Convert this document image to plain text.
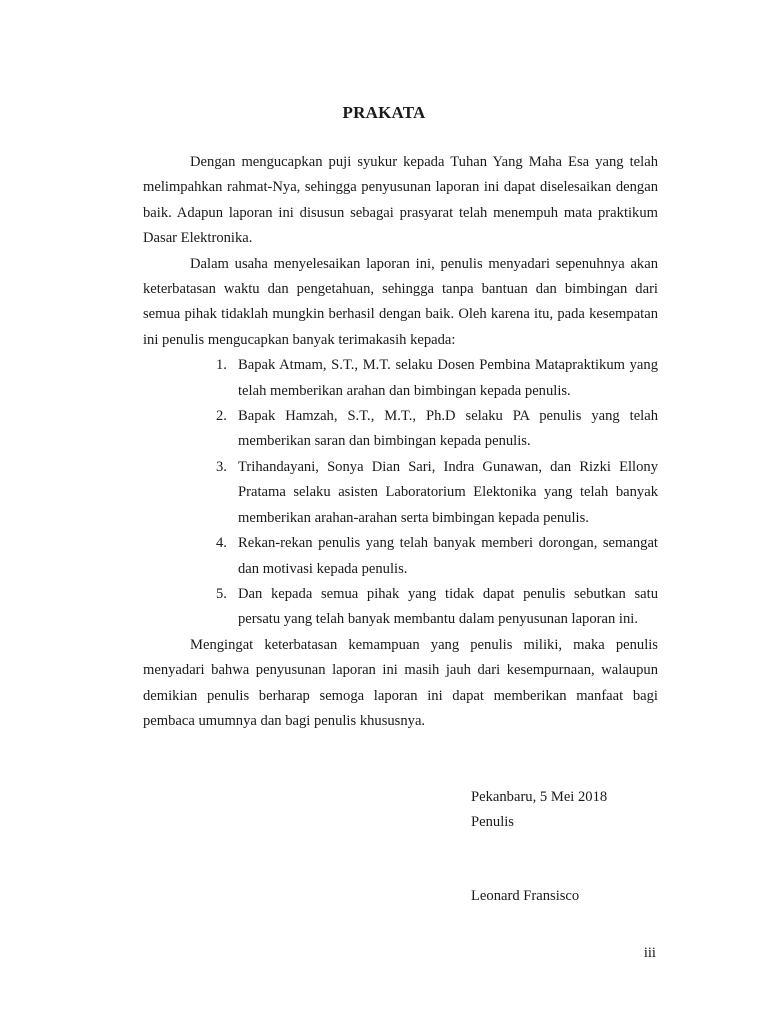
PRAKATA

Dengan mengucapkan puji syukur kepada Tuhan Yang Maha Esa yang telah melimpahkan rahmat-Nya, sehingga penyusunan laporan ini dapat diselesaikan dengan baik. Adapun laporan ini disusun sebagai prasyarat telah menempuh mata praktikum Dasar Elektronika.

Dalam usaha menyelesaikan laporan ini, penulis menyadari sepenuhnya akan keterbatasan waktu dan pengetahuan, sehingga tanpa bantuan dan bimbingan dari semua pihak tidaklah mungkin berhasil dengan baik. Oleh karena itu, pada kesempatan ini penulis mengucapkan banyak terimakasih kepada:

1. Bapak Atmam, S.T., M.T. selaku Dosen Pembina Matapraktikum yang telah memberikan arahan dan bimbingan kepada penulis.
2. Bapak Hamzah, S.T., M.T., Ph.D selaku PA penulis yang telah memberikan saran dan bimbingan kepada penulis.
3. Trihandayani, Sonya Dian Sari, Indra Gunawan, dan Rizki Ellony Pratama selaku asisten Laboratorium Elektonika yang telah banyak memberikan arahan-arahan serta bimbingan kepada penulis.
4. Rekan-rekan penulis yang telah banyak memberi dorongan, semangat dan motivasi kepada penulis.
5. Dan kepada semua pihak yang tidak dapat penulis sebutkan satu persatu yang telah banyak membantu dalam penyusunan laporan ini.

Mengingat keterbatasan kemampuan yang penulis miliki, maka penulis menyadari bahwa penyusunan laporan ini masih jauh dari kesempurnaan, walaupun demikian penulis berharap semoga laporan ini dapat memberikan manfaat bagi pembaca umumnya dan bagi penulis khususnya.

Pekanbaru, 5 Mei 2018
Penulis
Leonard Fransisco
iii
